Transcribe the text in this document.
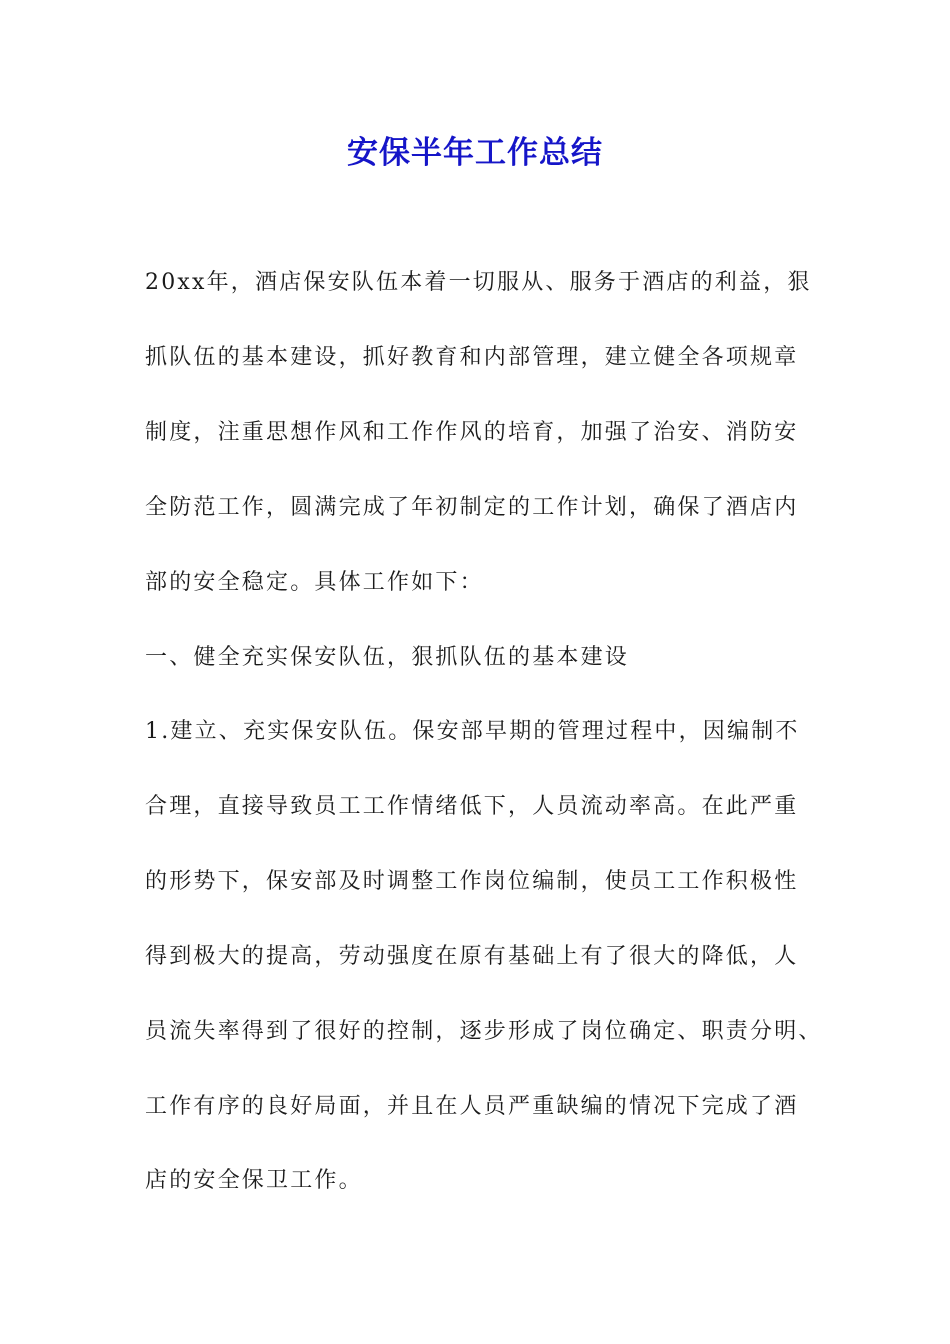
安保半年工作总结
20xx年，酒店保安队伍本着一切服从、服务于酒店的利益，狠
抓队伍的基本建设，抓好教育和内部管理，建立健全各项规章
制度，注重思想作风和工作作风的培育，加强了治安、消防安
全防范工作，圆满完成了年初制定的工作计划，确保了酒店内
部的安全稳定。具体工作如下：
一、健全充实保安队伍，狠抓队伍的基本建设
1.建立、充实保安队伍。保安部早期的管理过程中，因编制不
合理，直接导致员工工作情绪低下，人员流动率高。在此严重
的形势下，保安部及时调整工作岗位编制，使员工工作积极性
得到极大的提高，劳动强度在原有基础上有了很大的降低，人
员流失率得到了很好的控制，逐步形成了岗位确定、职责分明、
工作有序的良好局面，并且在人员严重缺编的情况下完成了酒
店的安全保卫工作。
